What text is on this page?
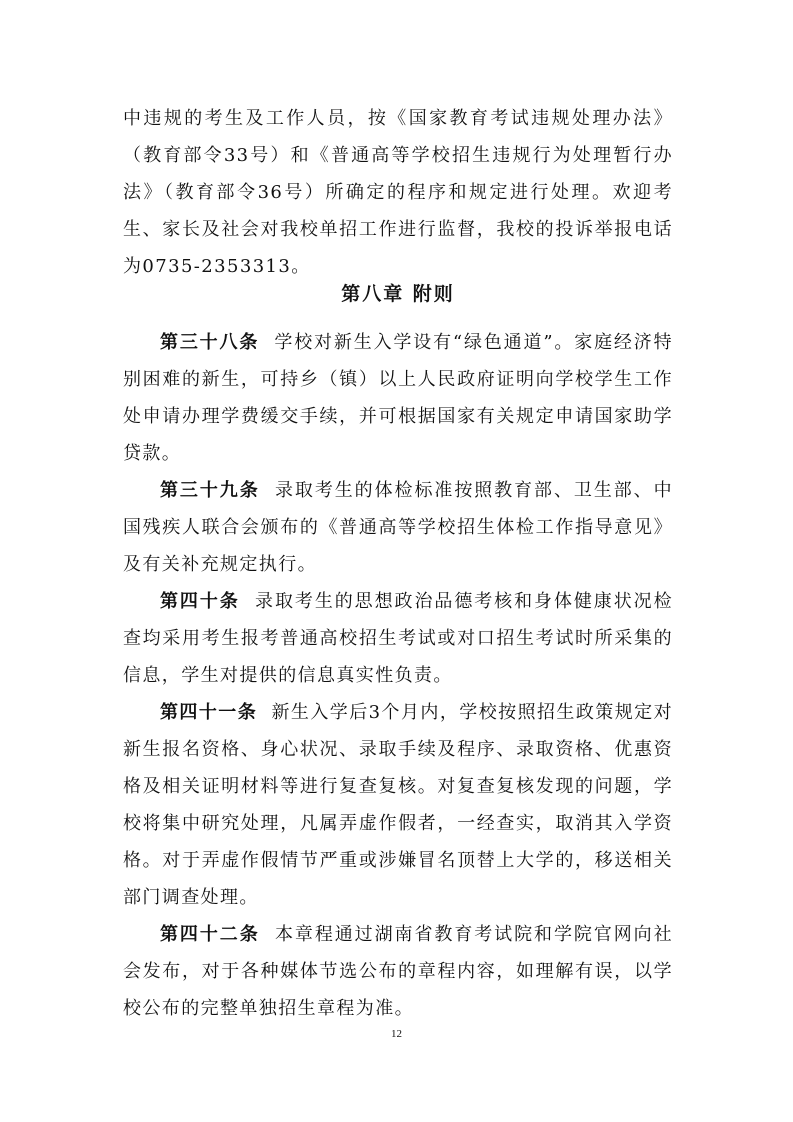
中违规的考生及工作人员，按《国家教育考试违规处理办法》（教育部令33号）和《普通高等学校招生违规行为处理暂行办法》（教育部令36号）所确定的程序和规定进行处理。欢迎考生、家长及社会对我校单招工作进行监督，我校的投诉举报电话为0735-2353313。

第八章 附则

第三十八条 学校对新生入学设有“绿色通道”。家庭经济特别困难的新生，可持乡（镇）以上人民政府证明向学校学生工作处申请办理学费缓交手续，并可根据国家有关规定申请国家助学贷款。

第三十九条 录取考生的体检标准按照教育部、卫生部、中国残疾人联合会颁布的《普通高等学校招生体检工作指导意见》及有关补充规定执行。

第四十条 录取考生的思想政治品德考核和身体健康状况检查均采用考生报考普通高校招生考试或对口招生考试时所采集的信息，学生对提供的信息真实性负责。

第四十一条 新生入学后3个月内，学校按照招生政策规定对新生报名资格、身心状况、录取手续及程序、录取资格、优惠资格及相关证明材料等进行复查复核。对复查复核发现的问题，学校将集中研究处理，凡属弄虚作假者，一经查实，取消其入学资格。对于弄虚作假情节严重或涉嫌冒名顶替上大学的，移送相关部门调查处理。

第四十二条 本章程通过湖南省教育考试院和学院官网向社会发布，对于各种媒体节选公布的章程内容，如理解有误，以学校公布的完整单独招生章程为准。

12
